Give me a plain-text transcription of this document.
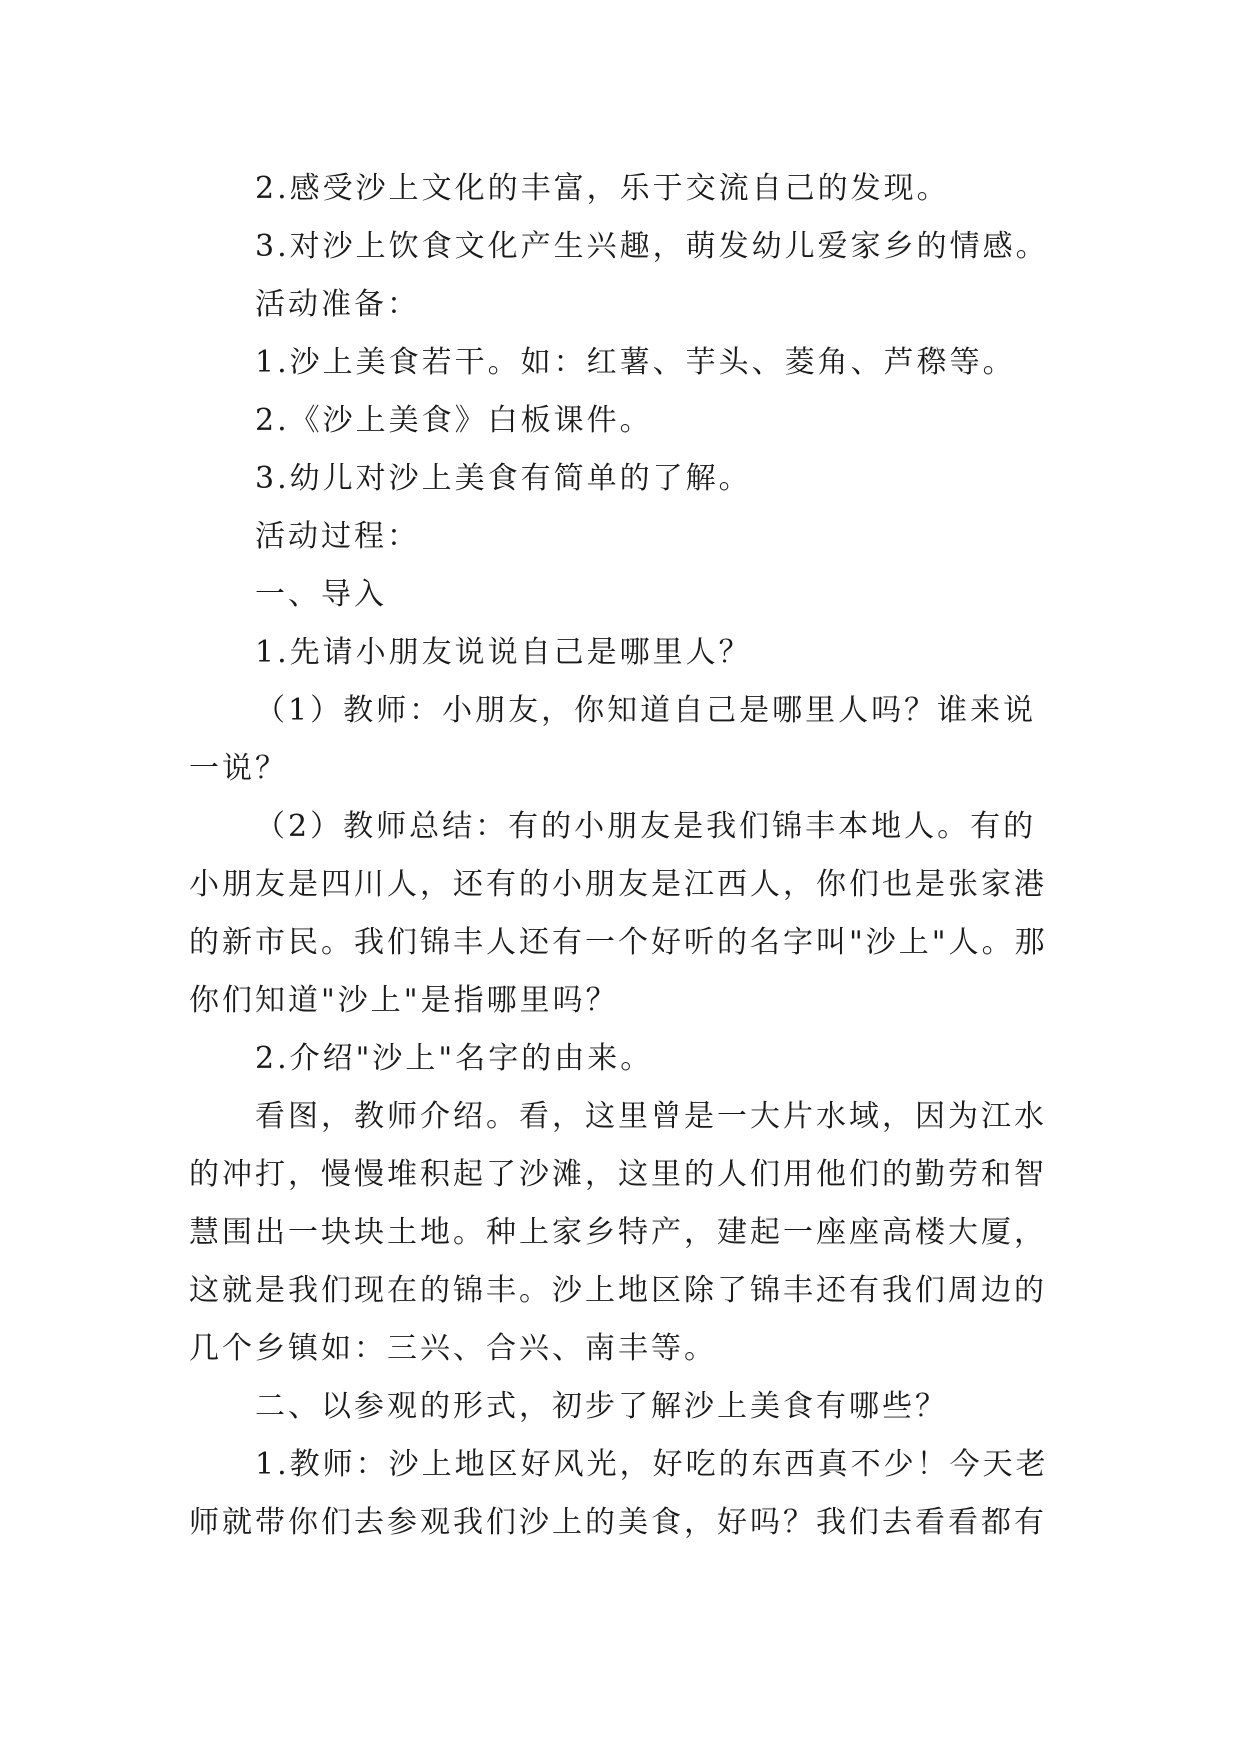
2.感受沙上文化的丰富，乐于交流自己的发现。
3.对沙上饮食文化产生兴趣，萌发幼儿爱家乡的情感。
活动准备：
1.沙上美食若干。如：红薯、芋头、菱角、芦穄等。
2.《沙上美食》白板课件。
3.幼儿对沙上美食有简单的了解。
活动过程：
一、导入
1.先请小朋友说说自己是哪里人？
（1）教师：小朋友，你知道自己是哪里人吗？谁来说
一说？
（2）教师总结：有的小朋友是我们锦丰本地人。有的
小朋友是四川人，还有的小朋友是江西人，你们也是张家港
的新市民。我们锦丰人还有一个好听的名字叫"沙上"人。那
你们知道"沙上"是指哪里吗？
2.介绍"沙上"名字的由来。
看图，教师介绍。看，这里曾是一大片水域，因为江水
的冲打，慢慢堆积起了沙滩，这里的人们用他们的勤劳和智
慧围出一块块土地。种上家乡特产，建起一座座高楼大厦，
这就是我们现在的锦丰。沙上地区除了锦丰还有我们周边的
几个乡镇如：三兴、合兴、南丰等。
二、以参观的形式，初步了解沙上美食有哪些？
1.教师：沙上地区好风光，好吃的东西真不少！今天老
师就带你们去参观我们沙上的美食，好吗？我们去看看都有
